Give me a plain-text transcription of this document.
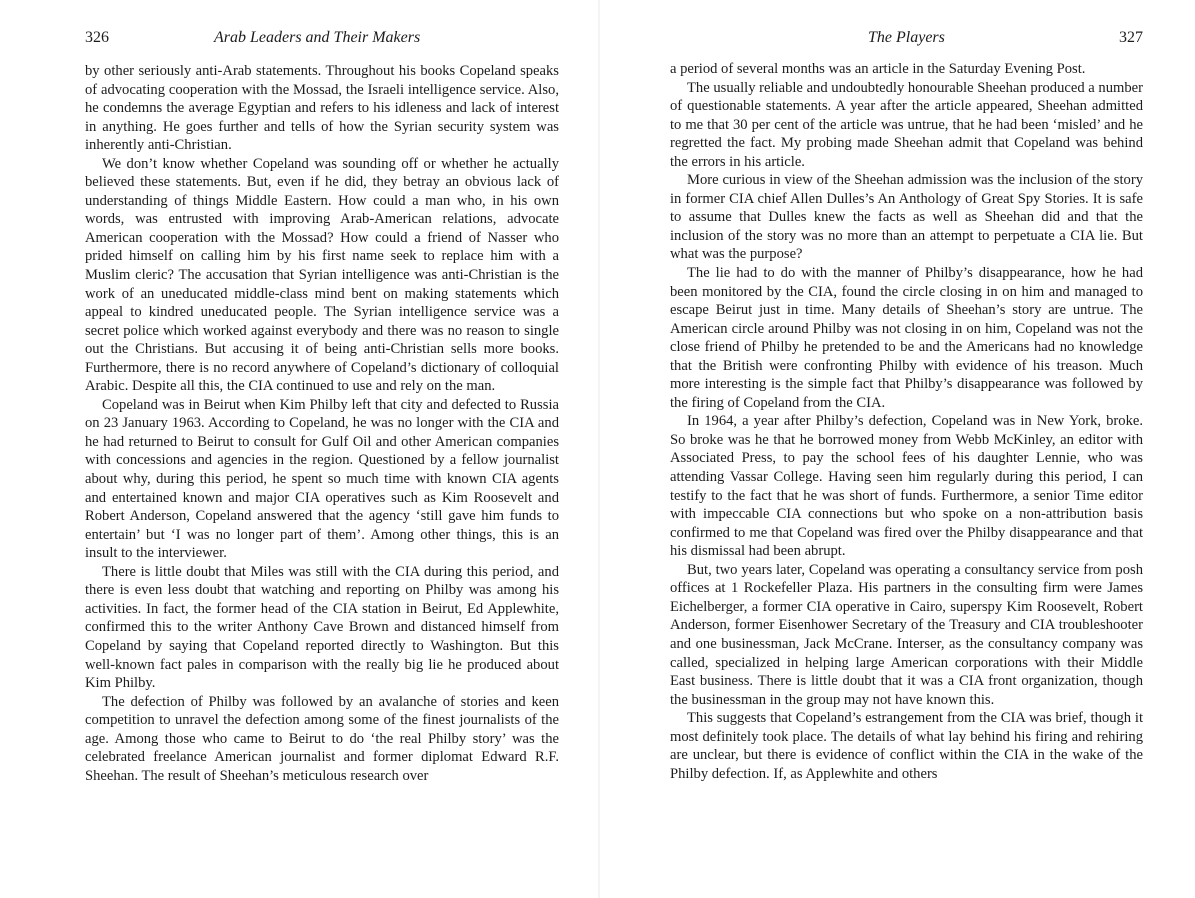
326	Arab Leaders and Their Makers

by other seriously anti-Arab statements. Throughout his books Copeland speaks of advocating cooperation with the Mossad, the Israeli intelligence service. Also, he condemns the average Egyptian and refers to his idleness and lack of interest in anything. He goes further and tells of how the Syrian security system was inherently anti-Christian.

We don’t know whether Copeland was sounding off or whether he actually believed these statements. But, even if he did, they betray an obvious lack of understanding of things Middle Eastern. How could a man who, in his own words, was entrusted with improving Arab-American relations, advocate American cooperation with the Mossad? How could a friend of Nasser who prided himself on calling him by his first name seek to replace him with a Muslim cleric? The accusation that Syrian intelligence was anti-Christian is the work of an uneducated middle-class mind bent on making statements which appeal to kindred uneducated people. The Syrian intelligence service was a secret police which worked against everybody and there was no reason to single out the Christians. But accusing it of being anti-Christian sells more books. Furthermore, there is no record anywhere of Copeland’s dictionary of colloquial Arabic. Despite all this, the CIA continued to use and rely on the man.

Copeland was in Beirut when Kim Philby left that city and defected to Russia on 23 January 1963. According to Copeland, he was no longer with the CIA and he had returned to Beirut to consult for Gulf Oil and other American companies with concessions and agencies in the region. Questioned by a fellow journalist about why, during this period, he spent so much time with known CIA agents and entertained known and major CIA operatives such as Kim Roosevelt and Robert Anderson, Copeland answered that the agency ‘still gave him funds to entertain’ but ‘I was no longer part of them’. Among other things, this is an insult to the interviewer.

There is little doubt that Miles was still with the CIA during this period, and there is even less doubt that watching and reporting on Philby was among his activities. In fact, the former head of the CIA station in Beirut, Ed Applewhite, confirmed this to the writer Anthony Cave Brown and distanced himself from Copeland by saying that Copeland reported directly to Washington. But this well-known fact pales in comparison with the really big lie he produced about Kim Philby.

The defection of Philby was followed by an avalanche of stories and keen competition to unravel the defection among some of the finest journalists of the age. Among those who came to Beirut to do ‘the real Philby story’ was the celebrated freelance American journalist and former diplomat Edward R.F. Sheehan. The result of Sheehan’s meticulous research over

The Players	327

a period of several months was an article in the Saturday Evening Post.

The usually reliable and undoubtedly honourable Sheehan produced a number of questionable statements. A year after the article appeared, Sheehan admitted to me that 30 per cent of the article was untrue, that he had been ‘misled’ and he regretted the fact. My probing made Sheehan admit that Copeland was behind the errors in his article.

More curious in view of the Sheehan admission was the inclusion of the story in former CIA chief Allen Dulles’s An Anthology of Great Spy Stories. It is safe to assume that Dulles knew the facts as well as Sheehan did and that the inclusion of the story was no more than an attempt to perpetuate a CIA lie. But what was the purpose?

The lie had to do with the manner of Philby’s disappearance, how he had been monitored by the CIA, found the circle closing in on him and managed to escape Beirut just in time. Many details of Sheehan’s story are untrue. The American circle around Philby was not closing in on him, Copeland was not the close friend of Philby he pretended to be and the Americans had no knowledge that the British were confronting Philby with evidence of his treason. Much more interesting is the simple fact that Philby’s disappearance was followed by the firing of Copeland from the CIA.

In 1964, a year after Philby’s defection, Copeland was in New York, broke. So broke was he that he borrowed money from Webb McKinley, an editor with Associated Press, to pay the school fees of his daughter Lennie, who was attending Vassar College. Having seen him regularly during this period, I can testify to the fact that he was short of funds. Furthermore, a senior Time editor with impeccable CIA connections but who spoke on a non-attribution basis confirmed to me that Copeland was fired over the Philby disappearance and that his dismissal had been abrupt.

But, two years later, Copeland was operating a consultancy service from posh offices at 1 Rockefeller Plaza. His partners in the consulting firm were James Eichelberger, a former CIA operative in Cairo, superspy Kim Roosevelt, Robert Anderson, former Eisenhower Secretary of the Treasury and CIA troubleshooter and one businessman, Jack McCrane. Interser, as the consultancy company was called, specialized in helping large American corporations with their Middle East business. There is little doubt that it was a CIA front organization, though the businessman in the group may not have known this.

This suggests that Copeland’s estrangement from the CIA was brief, though it most definitely took place. The details of what lay behind his firing and rehiring are unclear, but there is evidence of conflict within the CIA in the wake of the Philby defection. If, as Applewhite and others
